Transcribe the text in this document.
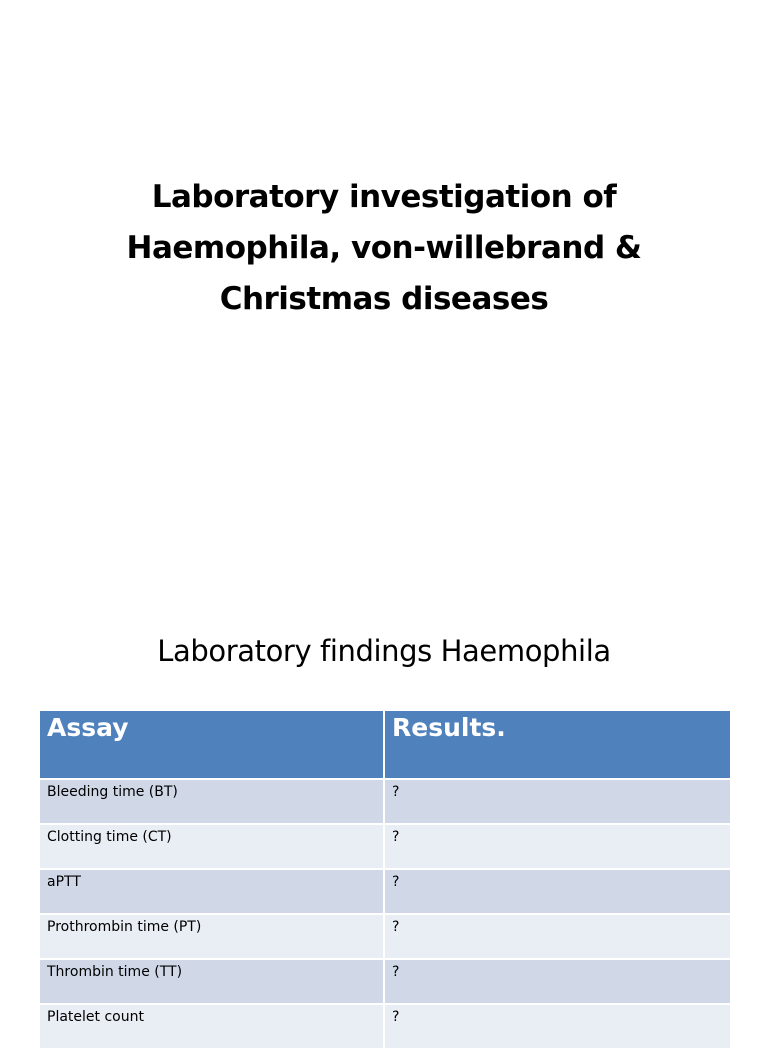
Laboratory investigation of
Haemophila, von-willebrand &
Christmas diseases
Laboratory findings Haemophila
Assay	Results.
Bleeding time (BT)	?
Clotting time (CT)	?
aPTT	?
Prothrombin time (PT)	?
Thrombin time (TT)	?
Platelet count	?
